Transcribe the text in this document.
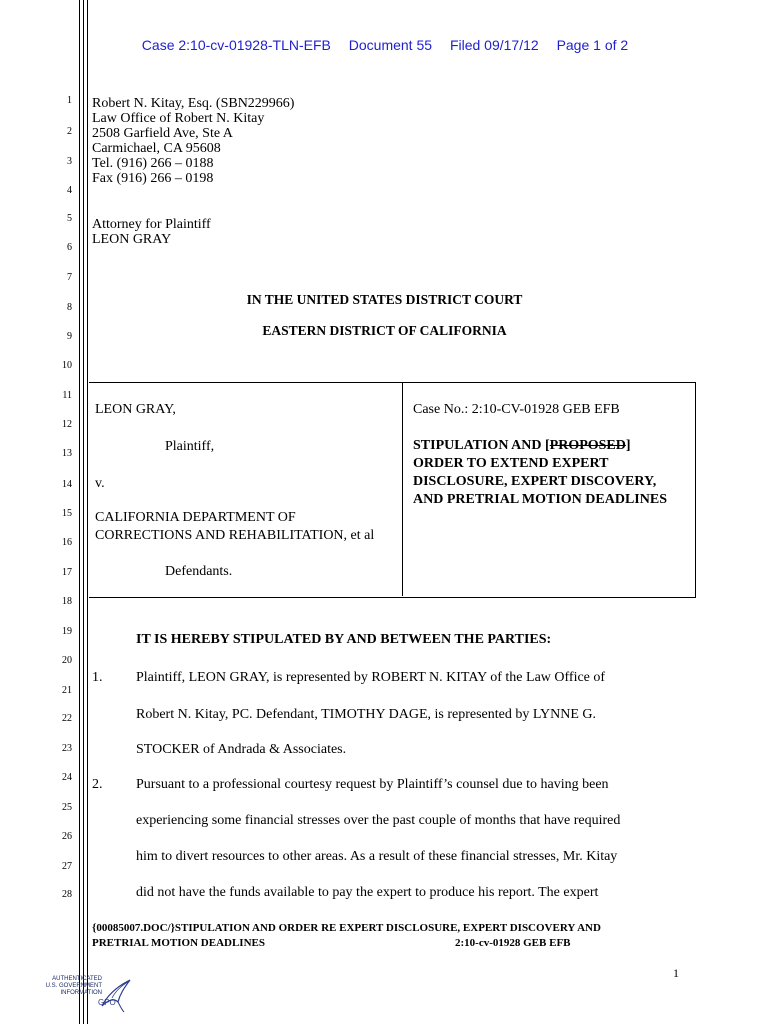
Case 2:10-cv-01928-TLN-EFB Document 55 Filed 09/17/12 Page 1 of 2
1
2
3
4
5
6
7
8
9
10
11
12
13
14
15
16
17
18
19
20
21
22
23
24
25
26
27
28
Robert N. Kitay, Esq. (SBN229966)
Law Office of Robert N. Kitay
2508 Garfield Ave, Ste A
Carmichael, CA 95608
Tel. (916) 266 – 0188
Fax (916) 266 – 0198
Attorney for Plaintiff
LEON GRAY
IN THE UNITED STATES DISTRICT COURT
EASTERN DISTRICT OF CALIFORNIA
LEON GRAY,
Plaintiff,
v.
CALIFORNIA DEPARTMENT OF
CORRECTIONS AND REHABILITATION, et al
Defendants.
Case No.: 2:10-CV-01928 GEB EFB
STIPULATION AND [PROPOSED]
ORDER TO EXTEND EXPERT
DISCLOSURE, EXPERT DISCOVERY,
AND PRETRIAL MOTION DEADLINES
IT IS HEREBY STIPULATED BY AND BETWEEN THE PARTIES:
1. Plaintiff, LEON GRAY, is represented by ROBERT N. KITAY of the Law Office of
Robert N. Kitay, PC. Defendant, TIMOTHY DAGE, is represented by LYNNE G.
STOCKER of Andrada & Associates.
2. Pursuant to a professional courtesy request by Plaintiff’s counsel due to having been
experiencing some financial stresses over the past couple of months that have required
him to divert resources to other areas. As a result of these financial stresses, Mr. Kitay
did not have the funds available to pay the expert to produce his report. The expert
{00085007.DOC/}STIPULATION AND ORDER RE EXPERT DISCLOSURE, EXPERT DISCOVERY AND
PRETRIAL MOTION DEADLINES	2:10-cv-01928 GEB EFB
1
AUTHENTICATED
U.S. GOVERNMENT
INFORMATION
GPO
